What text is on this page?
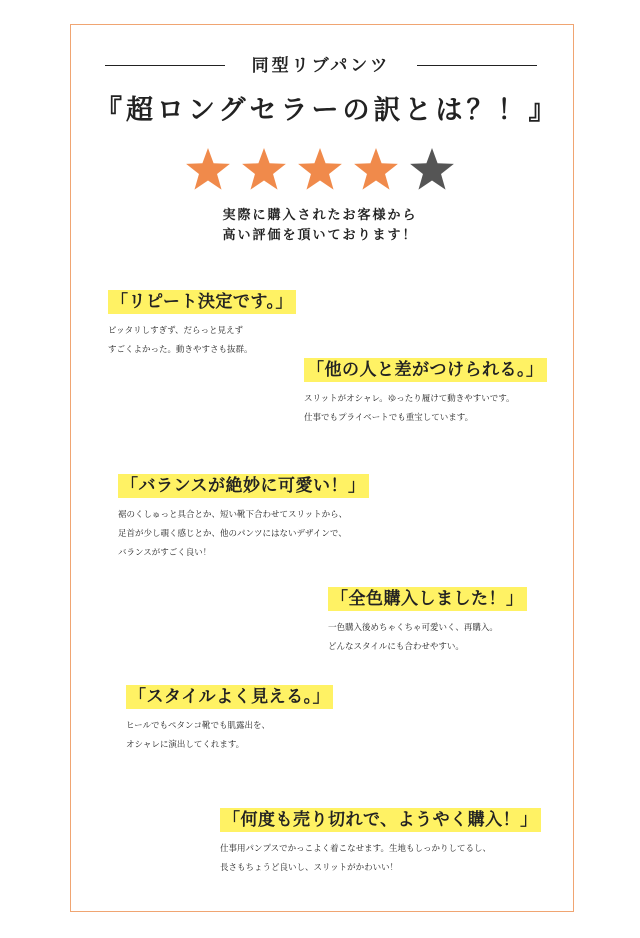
同型リブパンツ
『超ロングセラーの訳とは？！』
実際に購入されたお客様から
高い評価を頂いております！
「リピート決定です。」
ピッタリしすぎず、だらっと見えず
すごくよかった。動きやすさも抜群。
「他の人と差がつけられる。」
スリットがオシャレ。ゆったり履けて動きやすいです。
仕事でもプライベートでも重宝しています。
「バランスが絶妙に可愛い！」
裾のくしゅっと具合とか、短い靴下合わせてスリットから、
足首が少し覗く感じとか、他のパンツにはないデザインで、
バランスがすごく良い！
「全色購入しました！」
一色購入後めちゃくちゃ可愛いく、再購入。
どんなスタイルにも合わせやすい。
「スタイルよく見える。」
ヒールでもペタンコ靴でも肌露出を、
オシャレに演出してくれます。
「何度も売り切れで、ようやく購入！」
仕事用パンプスでかっこよく着こなせます。生地もしっかりしてるし、
長さもちょうど良いし、スリットがかわいい！
